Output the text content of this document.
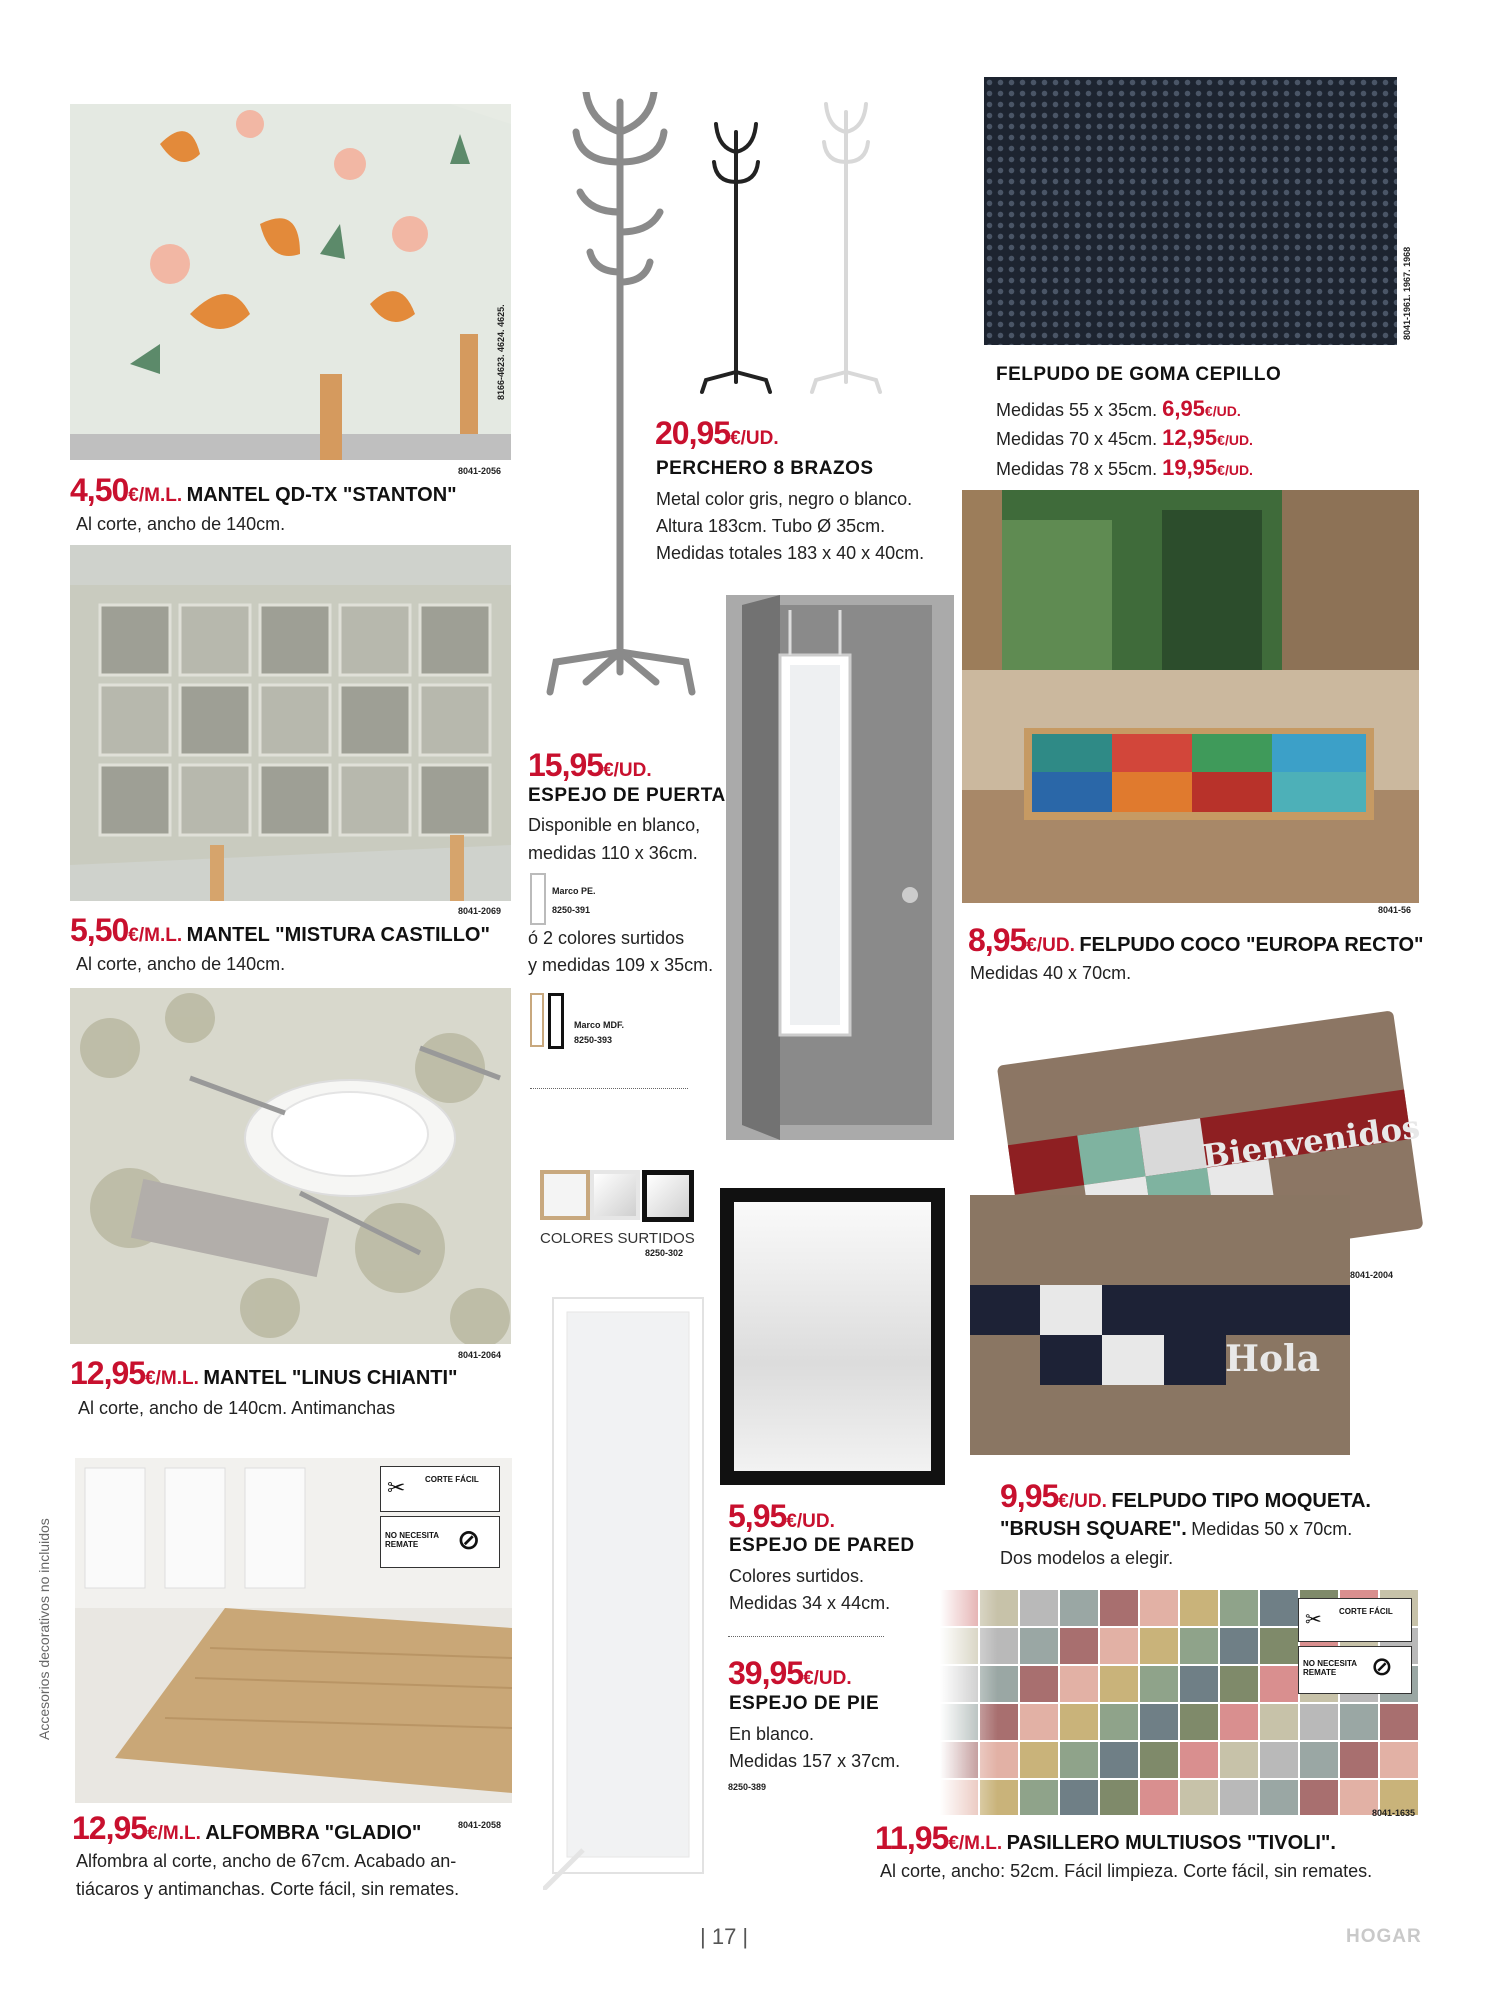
Accesorios decorativos no incluidos
8041-2056
4,50€/M.L. MANTEL QD-TX "STANTON"
Al corte, ancho de 140cm.
8041-2069
5,50€/M.L. MANTEL "MISTURA CASTILLO"
Al corte, ancho de 140cm.
8041-2064
12,95€/M.L. MANTEL "LINUS CHIANTI"
Al corte, ancho de 140cm. Antimanchas
✂ CORTE FÁCIL
NO NECESITA REMATE	⊘
8041-2058
12,95€/M.L. ALFOMBRA "GLADIO"
Alfombra al corte, ancho de 67cm. Acabado an-
tiácaros y antimanchas. Corte fácil, sin remates.
8166-4623. 4624. 4625.
20,95€/UD.
PERCHERO 8 BRAZOS
Metal color gris, negro o blanco.
Altura 183cm. Tubo Ø 35cm.
Medidas totales 183 x 40 x 40cm.
15,95€/UD.
ESPEJO DE PUERTA
Disponible en blanco,
medidas 110 x 36cm.
Marco PE.
8250-391
ó 2 colores surtidos
y medidas 109 x 35cm.
Marco MDF.
8250-393
COLORES SURTIDOS
8250-302
5,95€/UD.
ESPEJO DE PARED
Colores surtidos.
Medidas 34 x 44cm.
39,95€/UD.
ESPEJO DE PIE
En blanco.
Medidas 157 x 37cm.
8250-389
8041-1961. 1967. 1968
FELPUDO DE GOMA CEPILLO
Medidas 55 x 35cm. 6,95€/UD.
Medidas 70 x 45cm. 12,95€/UD.
Medidas 78 x 55cm. 19,95€/UD.
8041-56
8,95€/UD. FELPUDO COCO "EUROPA RECTO"
Medidas 40 x 70cm.
Bienvenidos
Hola
8041-2004
9,95€/UD. FELPUDO TIPO MOQUETA.
"BRUSH SQUARE". Medidas 50 x 70cm.
Dos modelos a elegir.
✂ CORTE FÁCIL
NO NECESITA REMATE	⊘
8041-1635
11,95€/M.L. PASILLERO MULTIUSOS "TIVOLI".
Al corte, ancho: 52cm. Fácil limpieza. Corte fácil, sin remates.
| 17 |	HOGAR
